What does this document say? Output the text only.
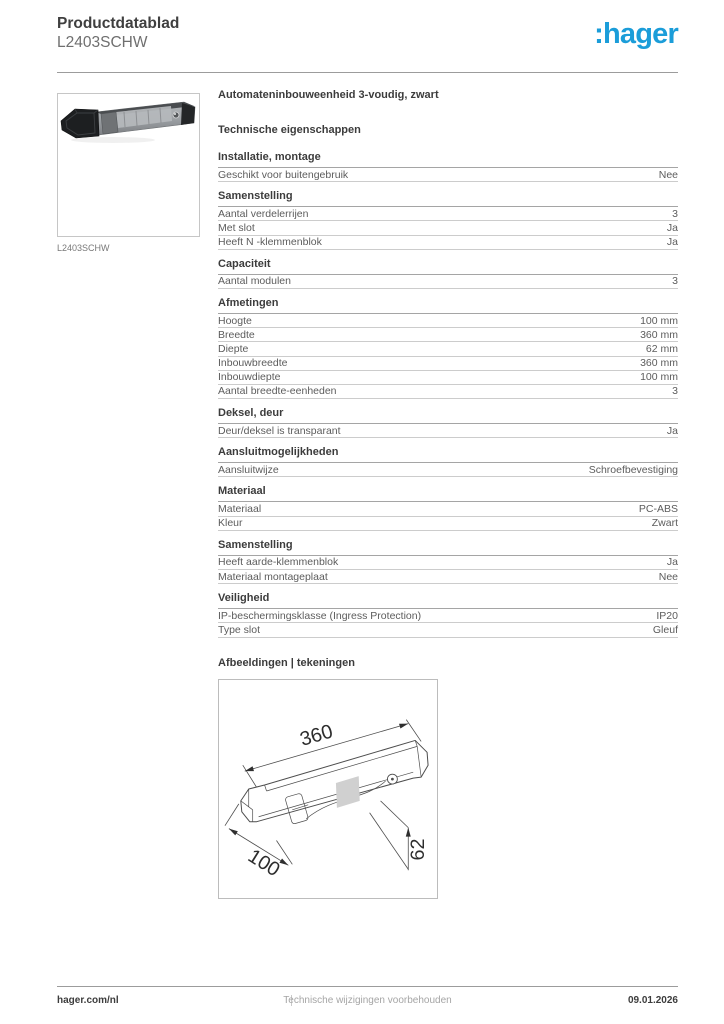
Productdatablad
L2403SCHW	:hager
L2403SCHW
Automateninbouweenheid 3-voudig, zwart
Technische eigenschappen
Installatie, montage
Geschikt voor buitengebruik	Nee
Samenstelling
Aantal verdelerrijen	3
Met slot	Ja
Heeft N -klemmenblok	Ja
Capaciteit
Aantal modulen	3
Afmetingen
Hoogte	100 mm
Breedte	360 mm
Diepte	62 mm
Inbouwbreedte	360 mm
Inbouwdiepte	100 mm
Aantal breedte-eenheden	3
Deksel, deur
Deur/deksel is transparant	Ja
Aansluitmogelijkheden
Aansluitwijze	Schroefbevestiging
Materiaal
Materiaal	PC-ABS
Kleur	Zwart
Samenstelling
Heeft aarde-klemmenblok	Ja
Materiaal montageplaat	Nee
Veiligheid
IP-beschermingsklasse (Ingress Protection)	IP20
Type slot	Gleuf
Afbeeldingen | tekeningen
360
100	62
hager.com/nl	Technische wijzigingen voorbehouden	09.01.2026
